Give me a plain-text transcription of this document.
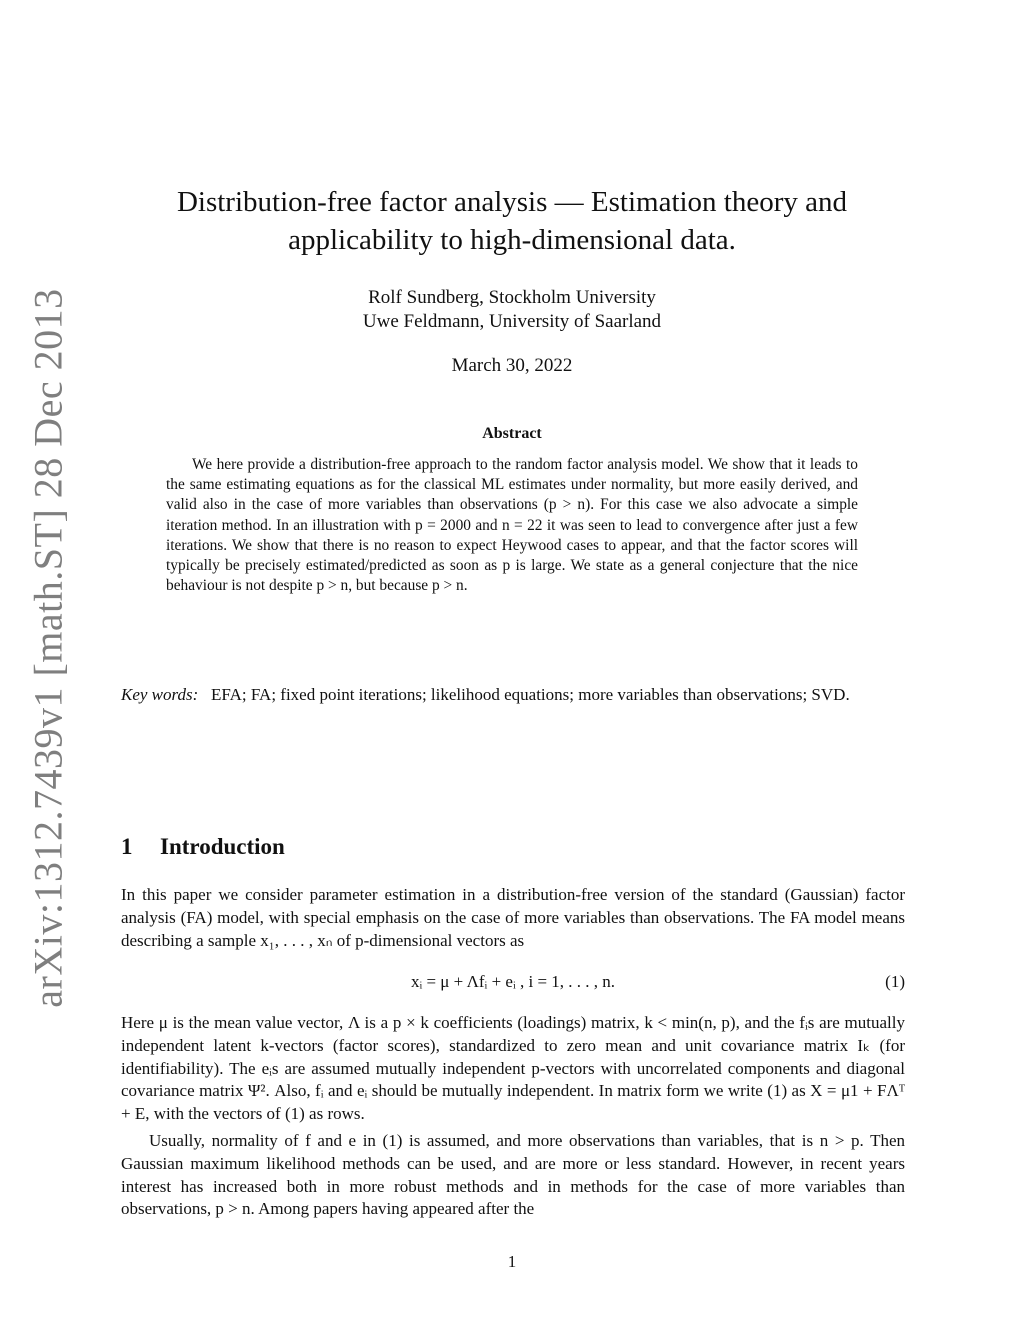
arXiv:1312.7439v1 [math.ST] 28 Dec 2013
Distribution-free factor analysis — Estimation theory and applicability to high-dimensional data.
Rolf Sundberg, Stockholm University
Uwe Feldmann, University of Saarland
March 30, 2022
Abstract

We here provide a distribution-free approach to the random factor analysis model. We show that it leads to the same estimating equations as for the classical ML estimates under normality, but more easily derived, and valid also in the case of more variables than observations (p > n). For this case we also advocate a simple iteration method. In an illustration with p = 2000 and n = 22 it was seen to lead to convergence after just a few iterations. We show that there is no reason to expect Heywood cases to appear, and that the factor scores will typically be precisely estimated/predicted as soon as p is large. We state as a general conjecture that the nice behaviour is not despite p > n, but because p > n.

Key words: EFA; FA; fixed point iterations; likelihood equations; more variables than observations; SVD.

1 Introduction

In this paper we consider parameter estimation in a distribution-free version of the standard (Gaussian) factor analysis (FA) model, with special emphasis on the case of more variables than observations. The FA model means describing a sample x₁, . . . , xₙ of p-dimensional vectors as

xᵢ = μ + Λfᵢ + eᵢ , i = 1, . . . , n.	(1)

Here μ is the mean value vector, Λ is a p × k coefficients (loadings) matrix, k < min(n, p), and the fᵢs are mutually independent latent k-vectors (factor scores), standardized to zero mean and unit covariance matrix Iₖ (for identifiability). The eᵢs are assumed mutually independent p-vectors with uncorrelated components and diagonal covariance matrix Ψ². Also, fᵢ and eᵢ should be mutually independent. In matrix form we write (1) as X = μ1 + FΛᵀ + E, with the vectors of (1) as rows.

Usually, normality of f and e in (1) is assumed, and more observations than variables, that is n > p. Then Gaussian maximum likelihood methods can be used, and are more or less standard. However, in recent years interest has increased both in more robust methods and in methods for the case of more variables than observations, p > n. Among papers having appeared after the

1
